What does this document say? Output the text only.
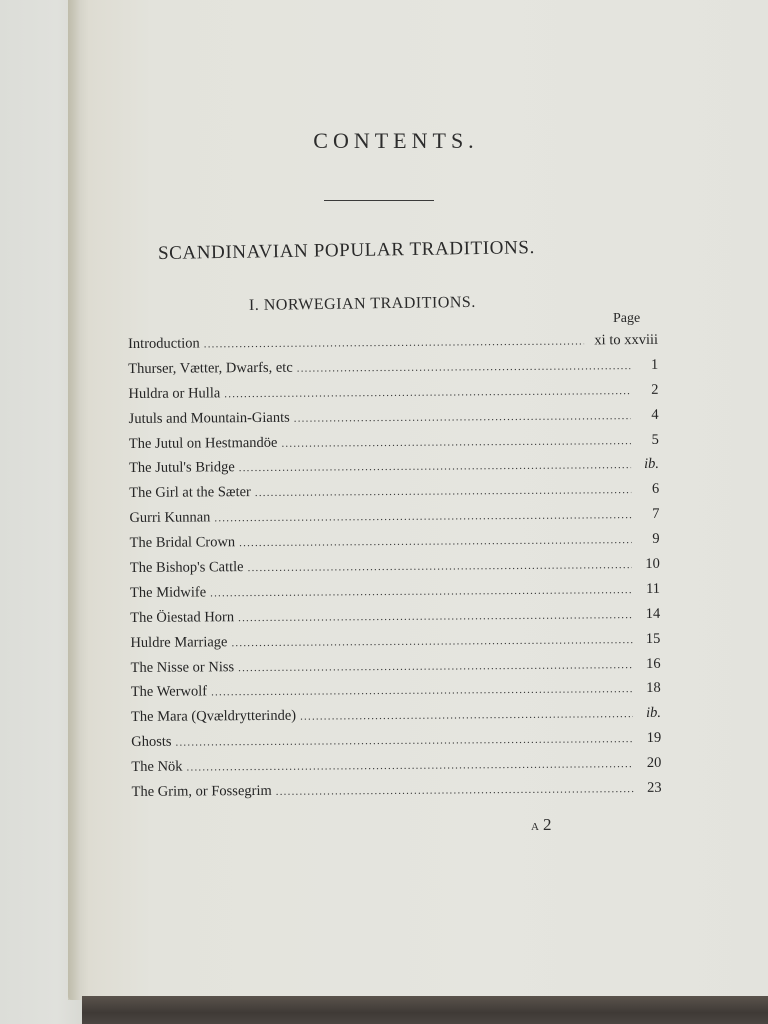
CONTENTS.
SCANDINAVIAN POPULAR TRADITIONS.
I. NORWEGIAN TRADITIONS.
Page
Introduction .....	xi to xxviii
Thurser, Vætter, Dwarfs, etc .....	1
Huldra or Hulla .....	2
Jutuls and Mountain-Giants .....	4
The Jutul on Hestmandöe .....	5
The Jutul's Bridge .....	ib.
The Girl at the Sæter .....	6
Gurri Kunnan .....	7
The Bridal Crown .....	9
The Bishop's Cattle .....	10
The Midwife .....	11
The Öiestad Horn .....	14
Huldre Marriage .....	15
The Nisse or Niss .....	16
The Werwolf .....	18
The Mara (Qvældrytterinde) .....	ib.
Ghosts .....	19
The Nök .....	20
The Grim, or Fossegrim .....	23
A 2
